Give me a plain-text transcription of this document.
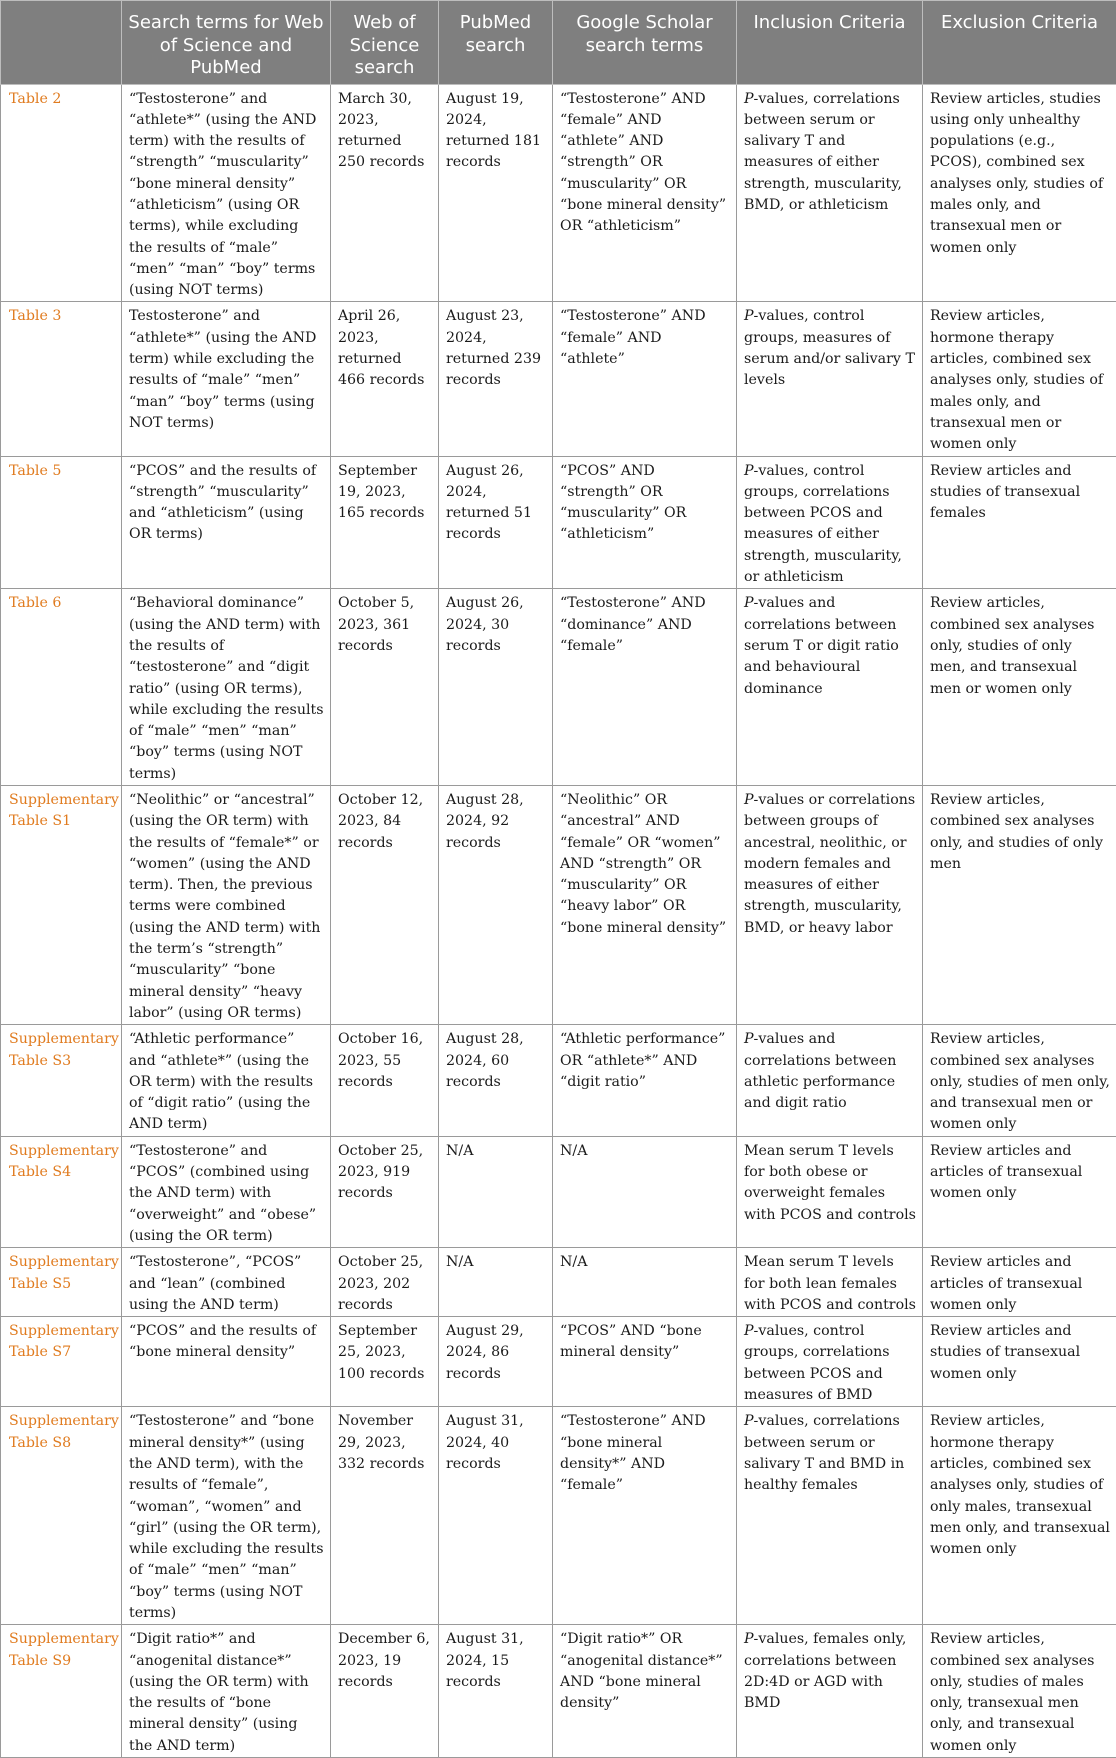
	Search terms for Web of Science and PubMed	Web of Science search	PubMed search	Google Scholar search terms	Inclusion Criteria	Exclusion Criteria
Table 2	“Testosterone” and “athlete*” (using the AND term) with the results of “strength” “muscularity” “bone mineral density” “athleticism” (using OR terms), while excluding the results of “male” “men” “man” “boy” terms (using NOT terms)	March 30, 2023, returned 250 records	August 19, 2024, returned 181 records	“Testosterone” AND “female” AND “athlete” AND “strength” OR “muscularity” OR “bone mineral density” OR “athleticism”	P-values, correlations between serum or salivary T and measures of either strength, muscularity, BMD, or athleticism	Review articles, studies using only unhealthy populations (e.g., PCOS), combined sex analyses only, studies of males only, and transexual men or women only
Table 3	Testosterone” and “athlete*” (using the AND term) while excluding the results of “male” “men” “man” “boy” terms (using NOT terms)	April 26, 2023, returned 466 records	August 23, 2024, returned 239 records	“Testosterone” AND “female” AND “athlete”	P-values, control groups, measures of serum and/or salivary T levels	Review articles, hormone therapy articles, combined sex analyses only, studies of males only, and transexual men or women only
Table 5	“PCOS” and the results of “strength” “muscularity” and “athleticism” (using OR terms)	September 19, 2023, 165 records	August 26, 2024, returned 51 records	“PCOS” AND “strength” OR “muscularity” OR “athleticism”	P-values, control groups, correlations between PCOS and measures of either strength, muscularity, or athleticism	Review articles and studies of transexual females
Table 6	“Behavioral dominance” (using the AND term) with the results of “testosterone” and “digit ratio” (using OR terms), while excluding the results of “male” “men” “man” “boy” terms (using NOT terms)	October 5, 2023, 361 records	August 26, 2024, 30 records	“Testosterone” AND “dominance” AND “female”	P-values and correlations between serum T or digit ratio and behavioural dominance	Review articles, combined sex analyses only, studies of only men, and transexual men or women only
Supplementary Table S1	“Neolithic” or “ancestral” (using the OR term) with the results of “female*” or “women” (using the AND term). Then, the previous terms were combined (using the AND term) with the term’s “strength” “muscularity” “bone mineral density” “heavy labor” (using OR terms)	October 12, 2023, 84 records	August 28, 2024, 92 records	“Neolithic” OR “ancestral” AND “female” OR “women” AND “strength” OR “muscularity” OR “heavy labor” OR “bone mineral density”	P-values or correlations between groups of ancestral, neolithic, or modern females and measures of either strength, muscularity, BMD, or heavy labor	Review articles, combined sex analyses only, and studies of only men
Supplementary Table S3	“Athletic performance” and “athlete*” (using the OR term) with the results of “digit ratio” (using the AND term)	October 16, 2023, 55 records	August 28, 2024, 60 records	“Athletic performance” OR “athlete*” AND “digit ratio”	P-values and correlations between athletic performance and digit ratio	Review articles, combined sex analyses only, studies of men only, and transexual men or women only
Supplementary Table S4	“Testosterone” and “PCOS” (combined using the AND term) with “overweight” and “obese” (using the OR term)	October 25, 2023, 919 records	N/A	N/A	Mean serum T levels for both obese or overweight females with PCOS and controls	Review articles and articles of transexual women only
Supplementary Table S5	“Testosterone”, “PCOS” and “lean” (combined using the AND term)	October 25, 2023, 202 records	N/A	N/A	Mean serum T levels for both lean females with PCOS and controls	Review articles and articles of transexual women only
Supplementary Table S7	“PCOS” and the results of “bone mineral density”	September 25, 2023, 100 records	August 29, 2024, 86 records	“PCOS” AND “bone mineral density”	P-values, control groups, correlations between PCOS and measures of BMD	Review articles and studies of transexual women only
Supplementary Table S8	“Testosterone” and “bone mineral density*” (using the AND term), with the results of “female”, “woman”, “women” and “girl” (using the OR term), while excluding the results of “male” “men” “man” “boy” terms (using NOT terms)	November 29, 2023, 332 records	August 31, 2024, 40 records	“Testosterone” AND “bone mineral density*” AND “female”	P-values, correlations between serum or salivary T and BMD in healthy females	Review articles, hormone therapy articles, combined sex analyses only, studies of only males, transexual men only, and transexual women only
Supplementary Table S9	“Digit ratio*” and “anogenital distance*” (using the OR term) with the results of “bone mineral density” (using the AND term)	December 6, 2023, 19 records	August 31, 2024, 15 records	“Digit ratio*” OR “anogenital distance*” AND “bone mineral density”	P-values, females only, correlations between 2D:4D or AGD with BMD	Review articles, combined sex analyses only, studies of males only, transexual men only, and transexual women only
